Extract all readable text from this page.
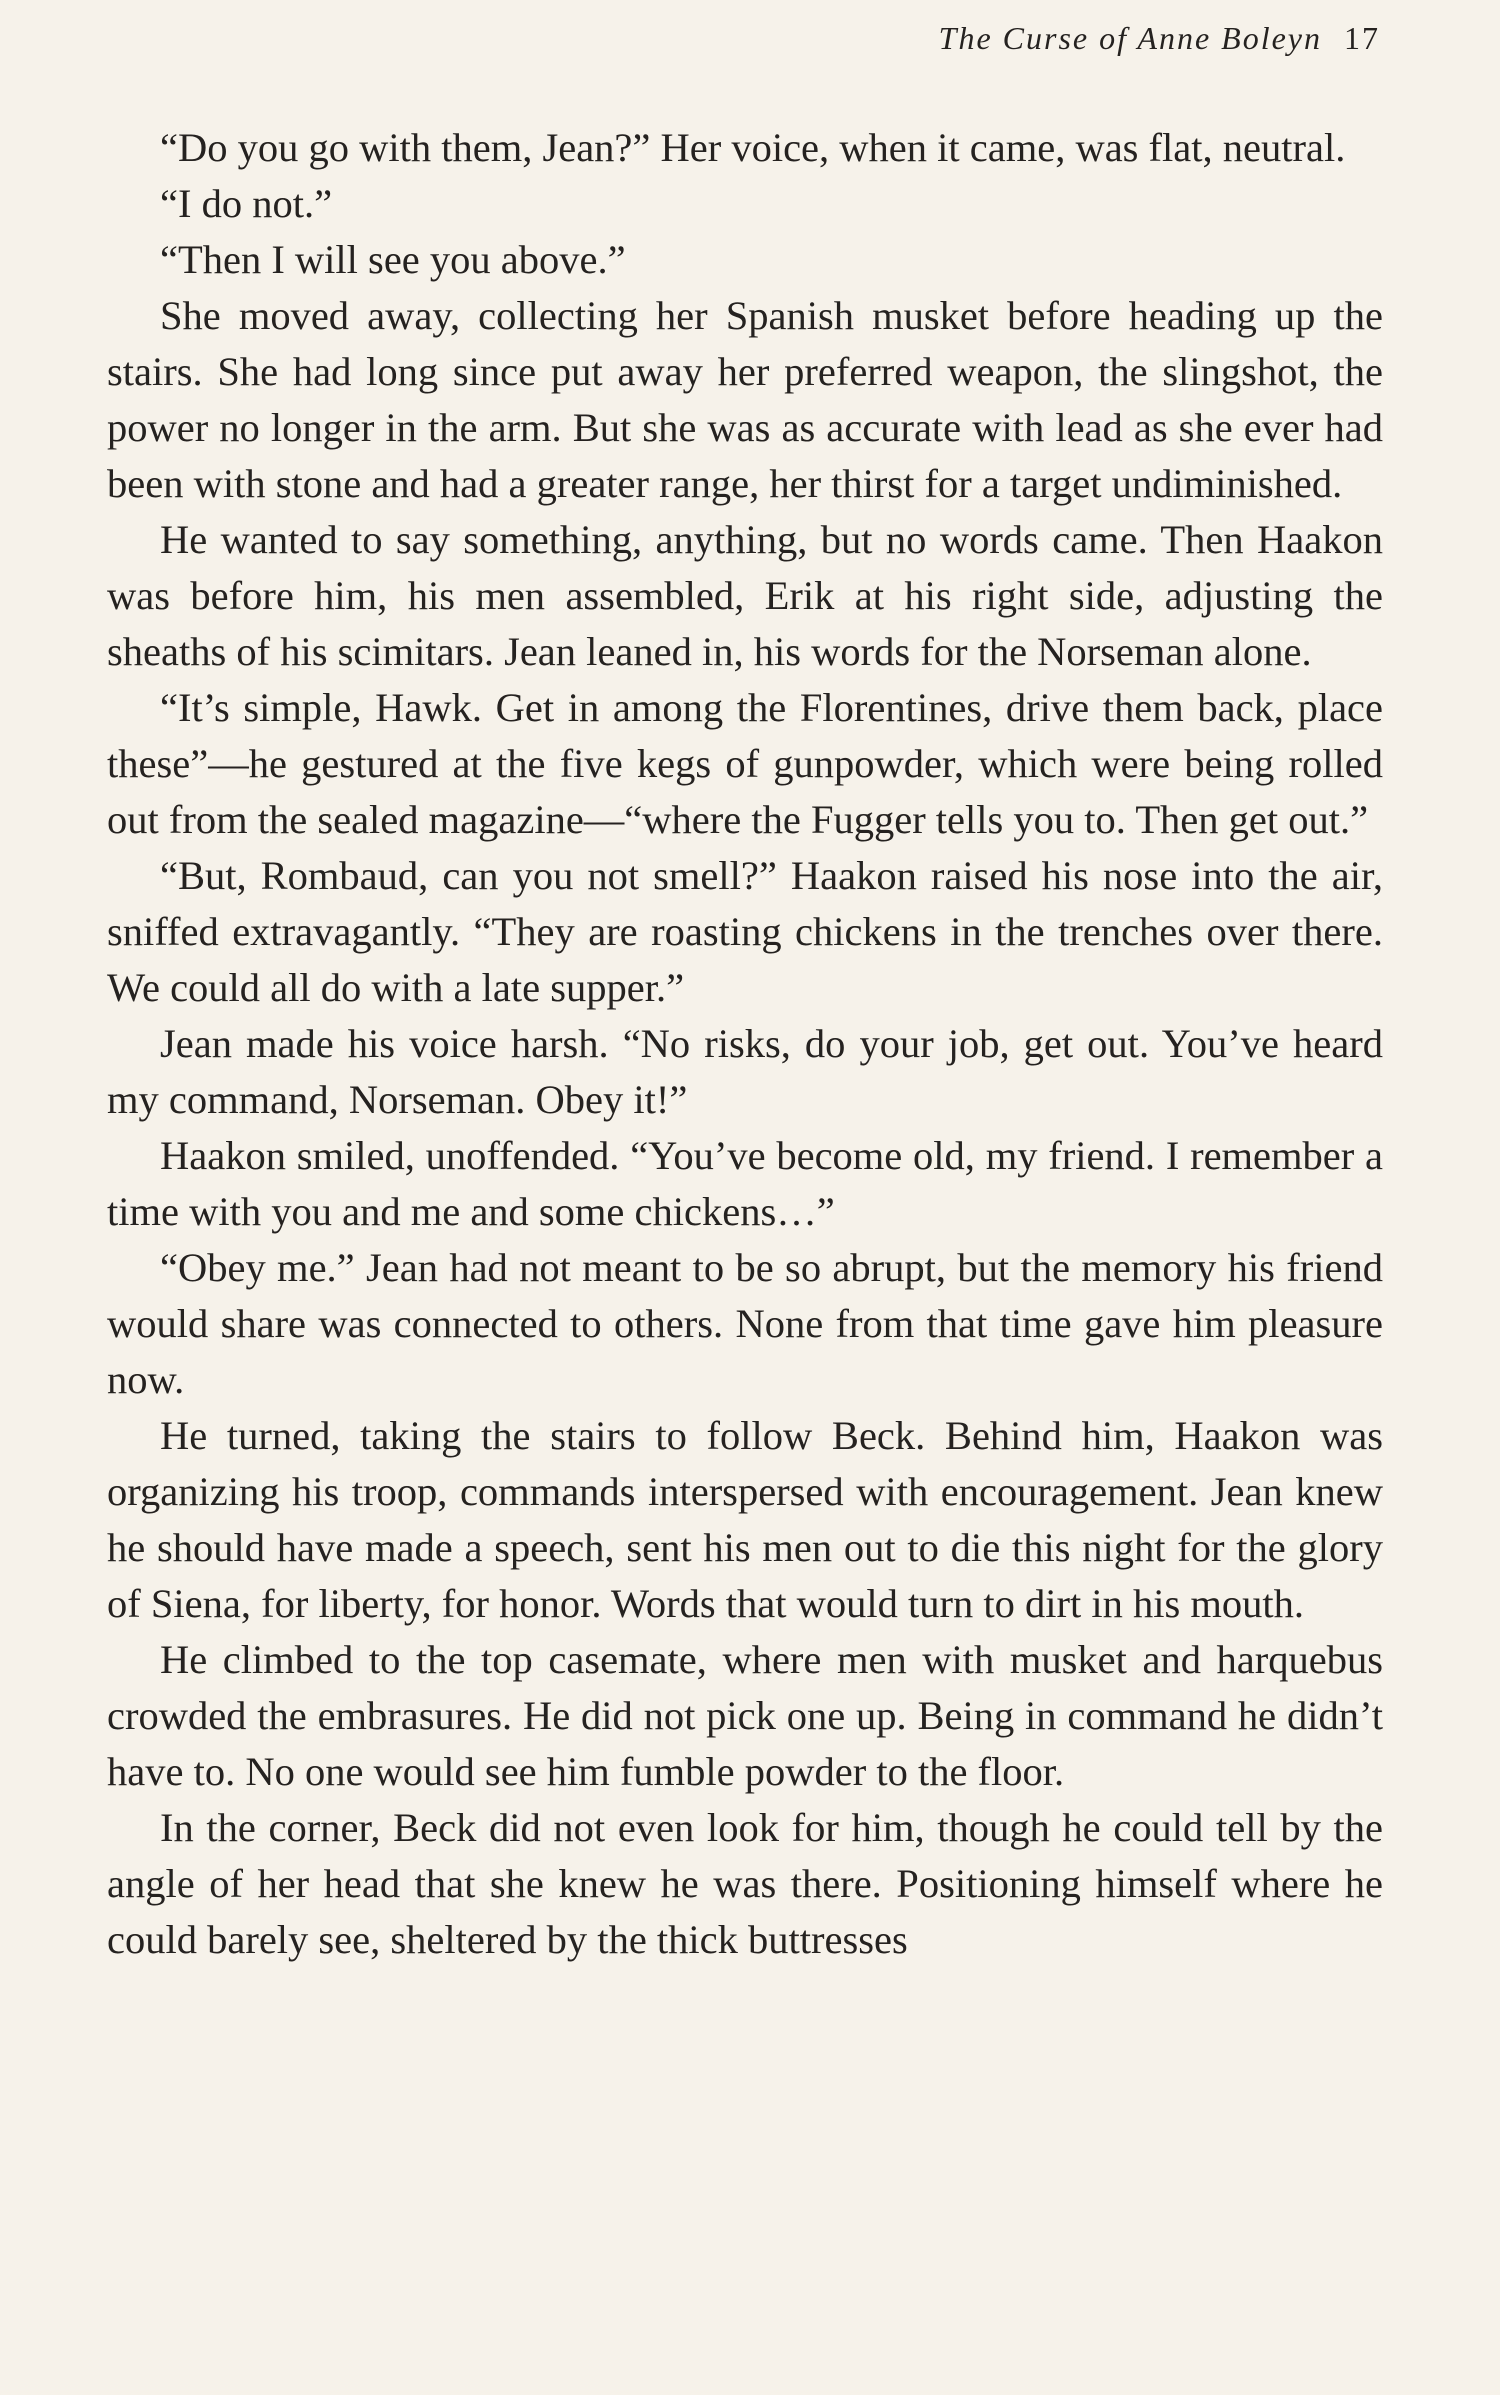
The Curse of Anne Boleyn 17

“Do you go with them, Jean?” Her voice, when it came, was flat, neutral.

“I do not.”

“Then I will see you above.”

She moved away, collecting her Spanish musket before heading up the stairs. She had long since put away her preferred weapon, the slingshot, the power no longer in the arm. But she was as accurate with lead as she ever had been with stone and had a greater range, her thirst for a target undiminished.

He wanted to say something, anything, but no words came. Then Haakon was before him, his men assembled, Erik at his right side, adjusting the sheaths of his scimitars. Jean leaned in, his words for the Norseman alone.

“It’s simple, Hawk. Get in among the Florentines, drive them back, place these”—he gestured at the five kegs of gunpowder, which were being rolled out from the sealed magazine—“where the Fugger tells you to. Then get out.”

“But, Rombaud, can you not smell?” Haakon raised his nose into the air, sniffed extravagantly. “They are roasting chickens in the trenches over there. We could all do with a late supper.”

Jean made his voice harsh. “No risks, do your job, get out. You’ve heard my command, Norseman. Obey it!”

Haakon smiled, unoffended. “You’ve become old, my friend. I remember a time with you and me and some chickens…”

“Obey me.” Jean had not meant to be so abrupt, but the memory his friend would share was connected to others. None from that time gave him pleasure now.

He turned, taking the stairs to follow Beck. Behind him, Haakon was organizing his troop, commands interspersed with encouragement. Jean knew he should have made a speech, sent his men out to die this night for the glory of Siena, for liberty, for honor. Words that would turn to dirt in his mouth.

He climbed to the top casemate, where men with musket and harquebus crowded the embrasures. He did not pick one up. Being in command he didn’t have to. No one would see him fumble powder to the floor.

In the corner, Beck did not even look for him, though he could tell by the angle of her head that she knew he was there. Positioning himself where he could barely see, sheltered by the thick buttresses
